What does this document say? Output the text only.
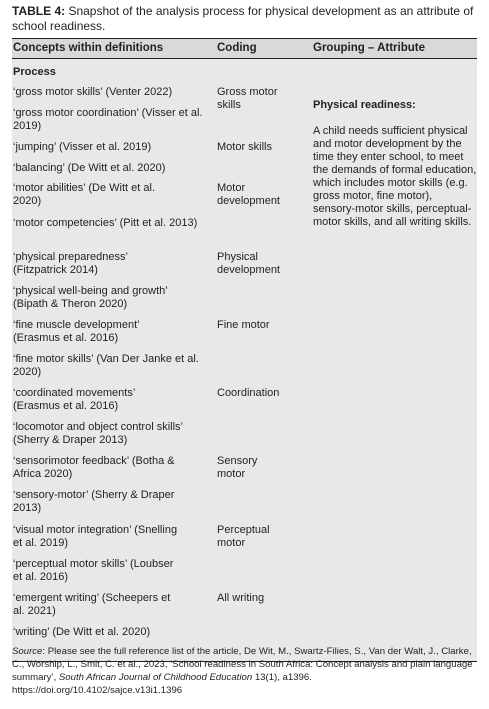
TABLE 4: Snapshot of the analysis process for physical development as an attribute of school readiness.
Concepts within definitions	Coding	Grouping – Attribute
Process
‘gross motor skills’ (Venter 2022)
‘gross motor coordination’ (Visser et al. 2019)
‘jumping’ (Visser et al. 2019)
‘balancing’ (De Witt et al. 2020)
‘motor abilities’ (De Witt et al. 2020)
‘motor competencies’ (Pitt et al. 2013)
‘physical preparedness’ (Fitzpatrick 2014)
‘physical well-being and growth’ (Bipath & Theron 2020)
‘fine muscle development’ (Erasmus et al. 2016)
‘fine motor skills’ (Van Der Janke et al. 2020)
‘coordinated movements’ (Erasmus et al. 2016)
‘locomotor and object control skills’ (Sherry & Draper 2013)
‘sensorimotor feedback’ (Botha & Africa 2020)
‘sensory-motor’ (Sherry & Draper 2013)
‘visual motor integration’ (Snelling et al. 2019)
‘perceptual motor skills’ (Loubser et al. 2016)
‘emergent writing’ (Scheepers et al. 2021)
‘writing’ (De Witt et al. 2020)
Gross motor skills
Motor skills
Motor development
Physical development
Fine motor
Coordination
Sensory motor
Perceptual motor
All writing

Physical readiness:

A child needs sufficient physical and motor development by the time they enter school, to meet the demands of formal education, which includes motor skills (e.g. gross motor, fine motor), sensory-motor skills, perceptual-motor skills, and all writing skills.

Source: Please see the full reference list of the article, De Wit, M., Swartz-Filies, S., Van der Walt, J., Clarke, C., Worship, L., Smit, C. et al., 2023, ‘School readiness in South Africa: Concept analysis and plain language summary’, South African Journal of Childhood Education 13(1), a1396. https://doi.org/10.4102/sajce.v13i1.1396
